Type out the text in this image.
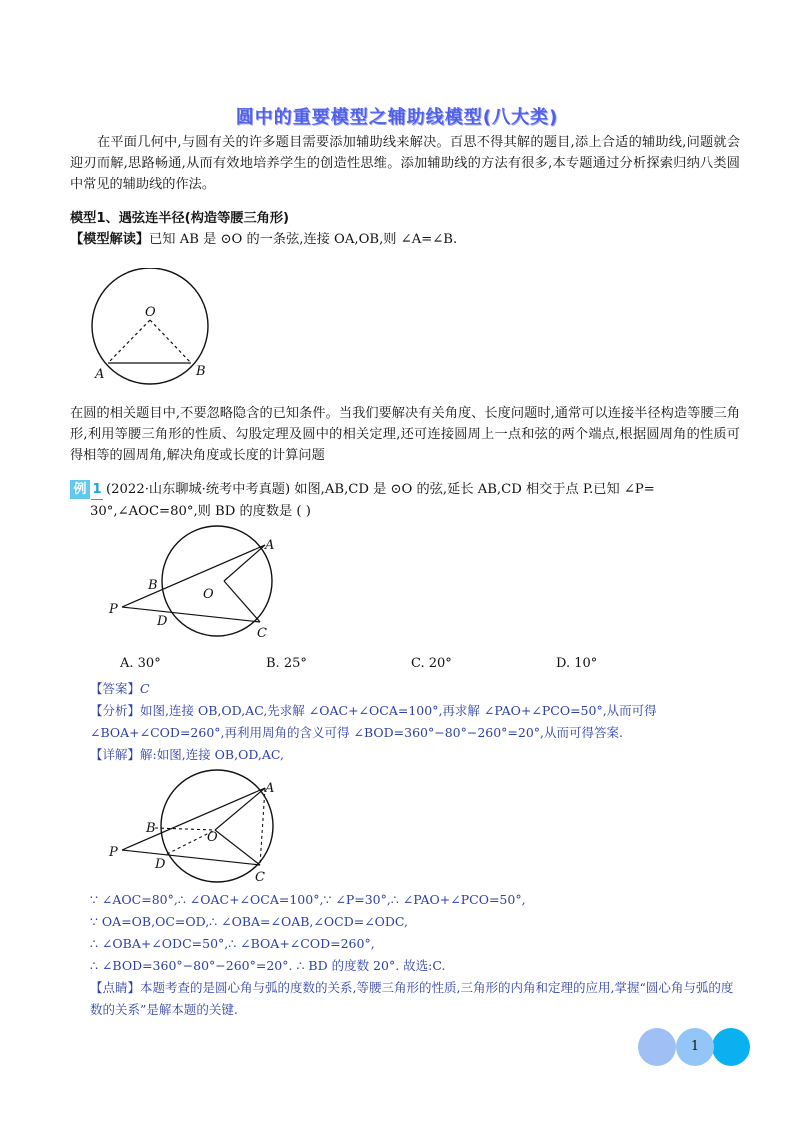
圆中的重要模型之辅助线模型(八大类)
在平面几何中,与圆有关的许多题目需要添加辅助线来解决。百思不得其解的题目,添上合适的辅助线,问题就会迎刃而解,思路畅通,从而有效地培养学生的创造性思维。添加辅助线的方法有很多,本专题通过分析探索归纳八类圆中常见的辅助线的作法。
模型1、遇弦连半径(构造等腰三角形)
【模型解读】已知 AB 是 ⊙O 的一条弦,连接 OA,OB,则 ∠A=∠B.
O
A	B
在圆的相关题目中,不要忽略隐含的已知条件。当我们要解决有关角度、长度问题时,通常可以连接半径构造等腰三角形,利用等腰三角形的性质、勾股定理及圆中的相关定理,还可连接圆周上一点和弦的两个端点,根据圆周角的性质可得相等的圆周角,解决角度或长度的计算问题
例 1 (2022·山东聊城·统考中考真题) 如图,AB,CD 是 ⊙O 的弦,延长 AB,CD 相交于点 P.已知 ∠P=
30°,∠AOC=80°,则 BD 的度数是 ( )
A
B
O
P
D
C
A. 30°	B. 25°	C. 20°	D. 10°
【答案】C
【分析】如图,连接 OB,OD,AC,先求解 ∠OAC+∠OCA=100°,再求解 ∠PAO+∠PCO=50°,从而可得 ∠BOA+∠COD=260°,再利用周角的含义可得 ∠BOD=360°−80°−260°=20°,从而可得答案.
【详解】解:如图,连接 OB,OD,AC,
A
B
O
P
D
C
∵ ∠AOC=80°,∴ ∠OAC+∠OCA=100°,∵ ∠P=30°,∴ ∠PAO+∠PCO=50°,
∵ OA=OB,OC=OD,∴ ∠OBA=∠OAB,∠OCD=∠ODC,
∴ ∠OBA+∠ODC=50°,∴ ∠BOA+∠COD=260°,
∴ ∠BOD=360°−80°−260°=20°. ∴ BD 的度数 20°. 故选:C.
【点睛】本题考查的是圆心角与弧的度数的关系,等腰三角形的性质,三角形的内角和定理的应用,掌握“圆心角与弧的度数的关系”是解本题的关键.
1
